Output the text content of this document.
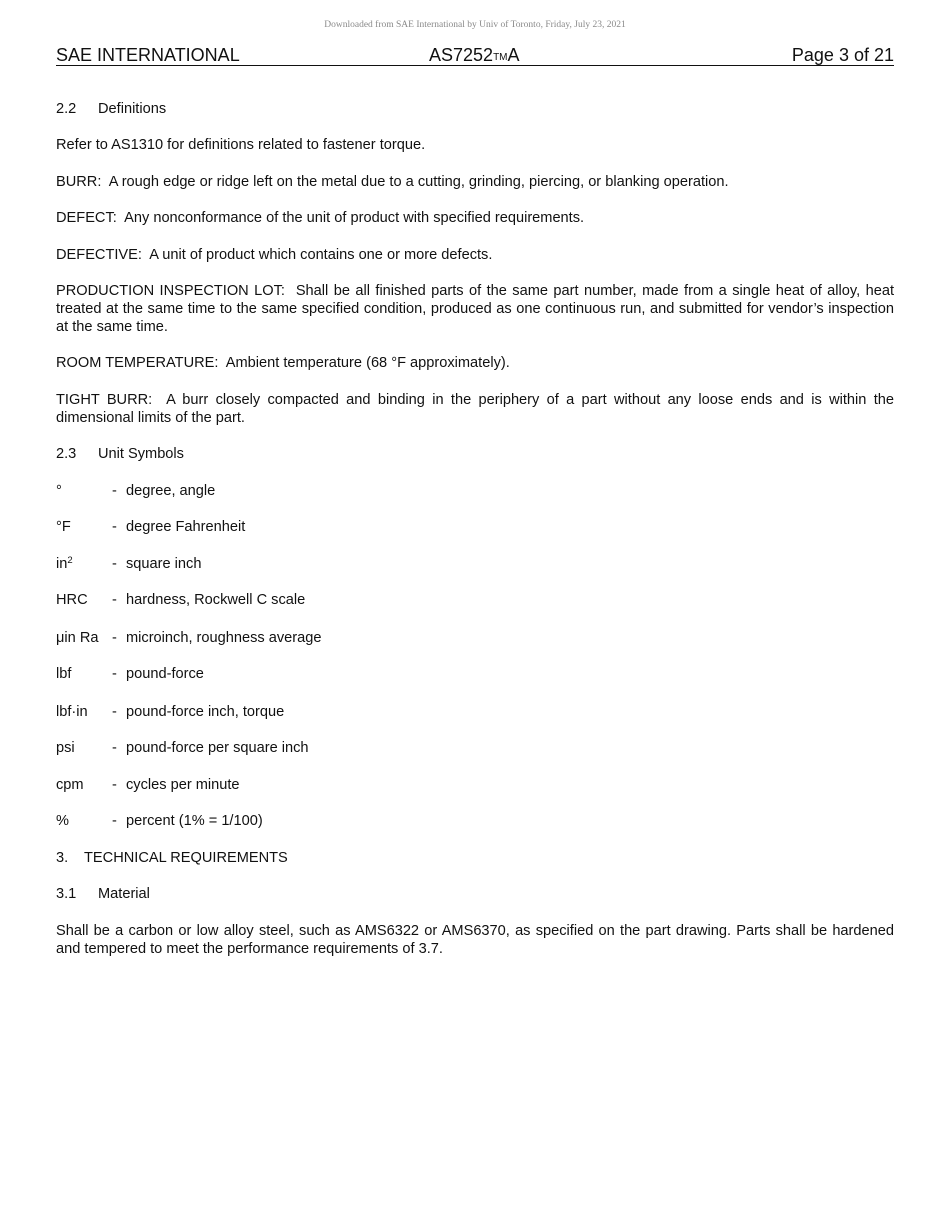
Downloaded from SAE International by Univ of Toronto, Friday, July 23, 2021
SAE INTERNATIONAL	AS7252TMA	Page 3 of 21

2.2 Definitions

Refer to AS1310 for definitions related to fastener torque.

BURR: A rough edge or ridge left on the metal due to a cutting, grinding, piercing, or blanking operation.

DEFECT: Any nonconformance of the unit of product with specified requirements.

DEFECTIVE: A unit of product which contains one or more defects.

PRODUCTION INSPECTION LOT: Shall be all finished parts of the same part number, made from a single heat of alloy, heat treated at the same time to the same specified condition, produced as one continuous run, and submitted for vendor’s inspection at the same time.

ROOM TEMPERATURE: Ambient temperature (68 °F approximately).

TIGHT BURR: A burr closely compacted and binding in the periphery of a part without any loose ends and is within the dimensional limits of the part.

2.3 Unit Symbols

°	- degree, angle
°F	- degree Fahrenheit
$in^2$	- square inch
HRC - hardness, Rockwell C scale
μin Ra - microinch, roughness average
lbf	- pound-force
lbf·in - pound-force inch, torque
psi	- pound-force per square inch
cpm - cycles per minute
%	- percent (1% = 1/100)

3. TECHNICAL REQUIREMENTS

3.1 Material

Shall be a carbon or low alloy steel, such as AMS6322 or AMS6370, as specified on the part drawing. Parts shall be hardened and tempered to meet the performance requirements of 3.7.
